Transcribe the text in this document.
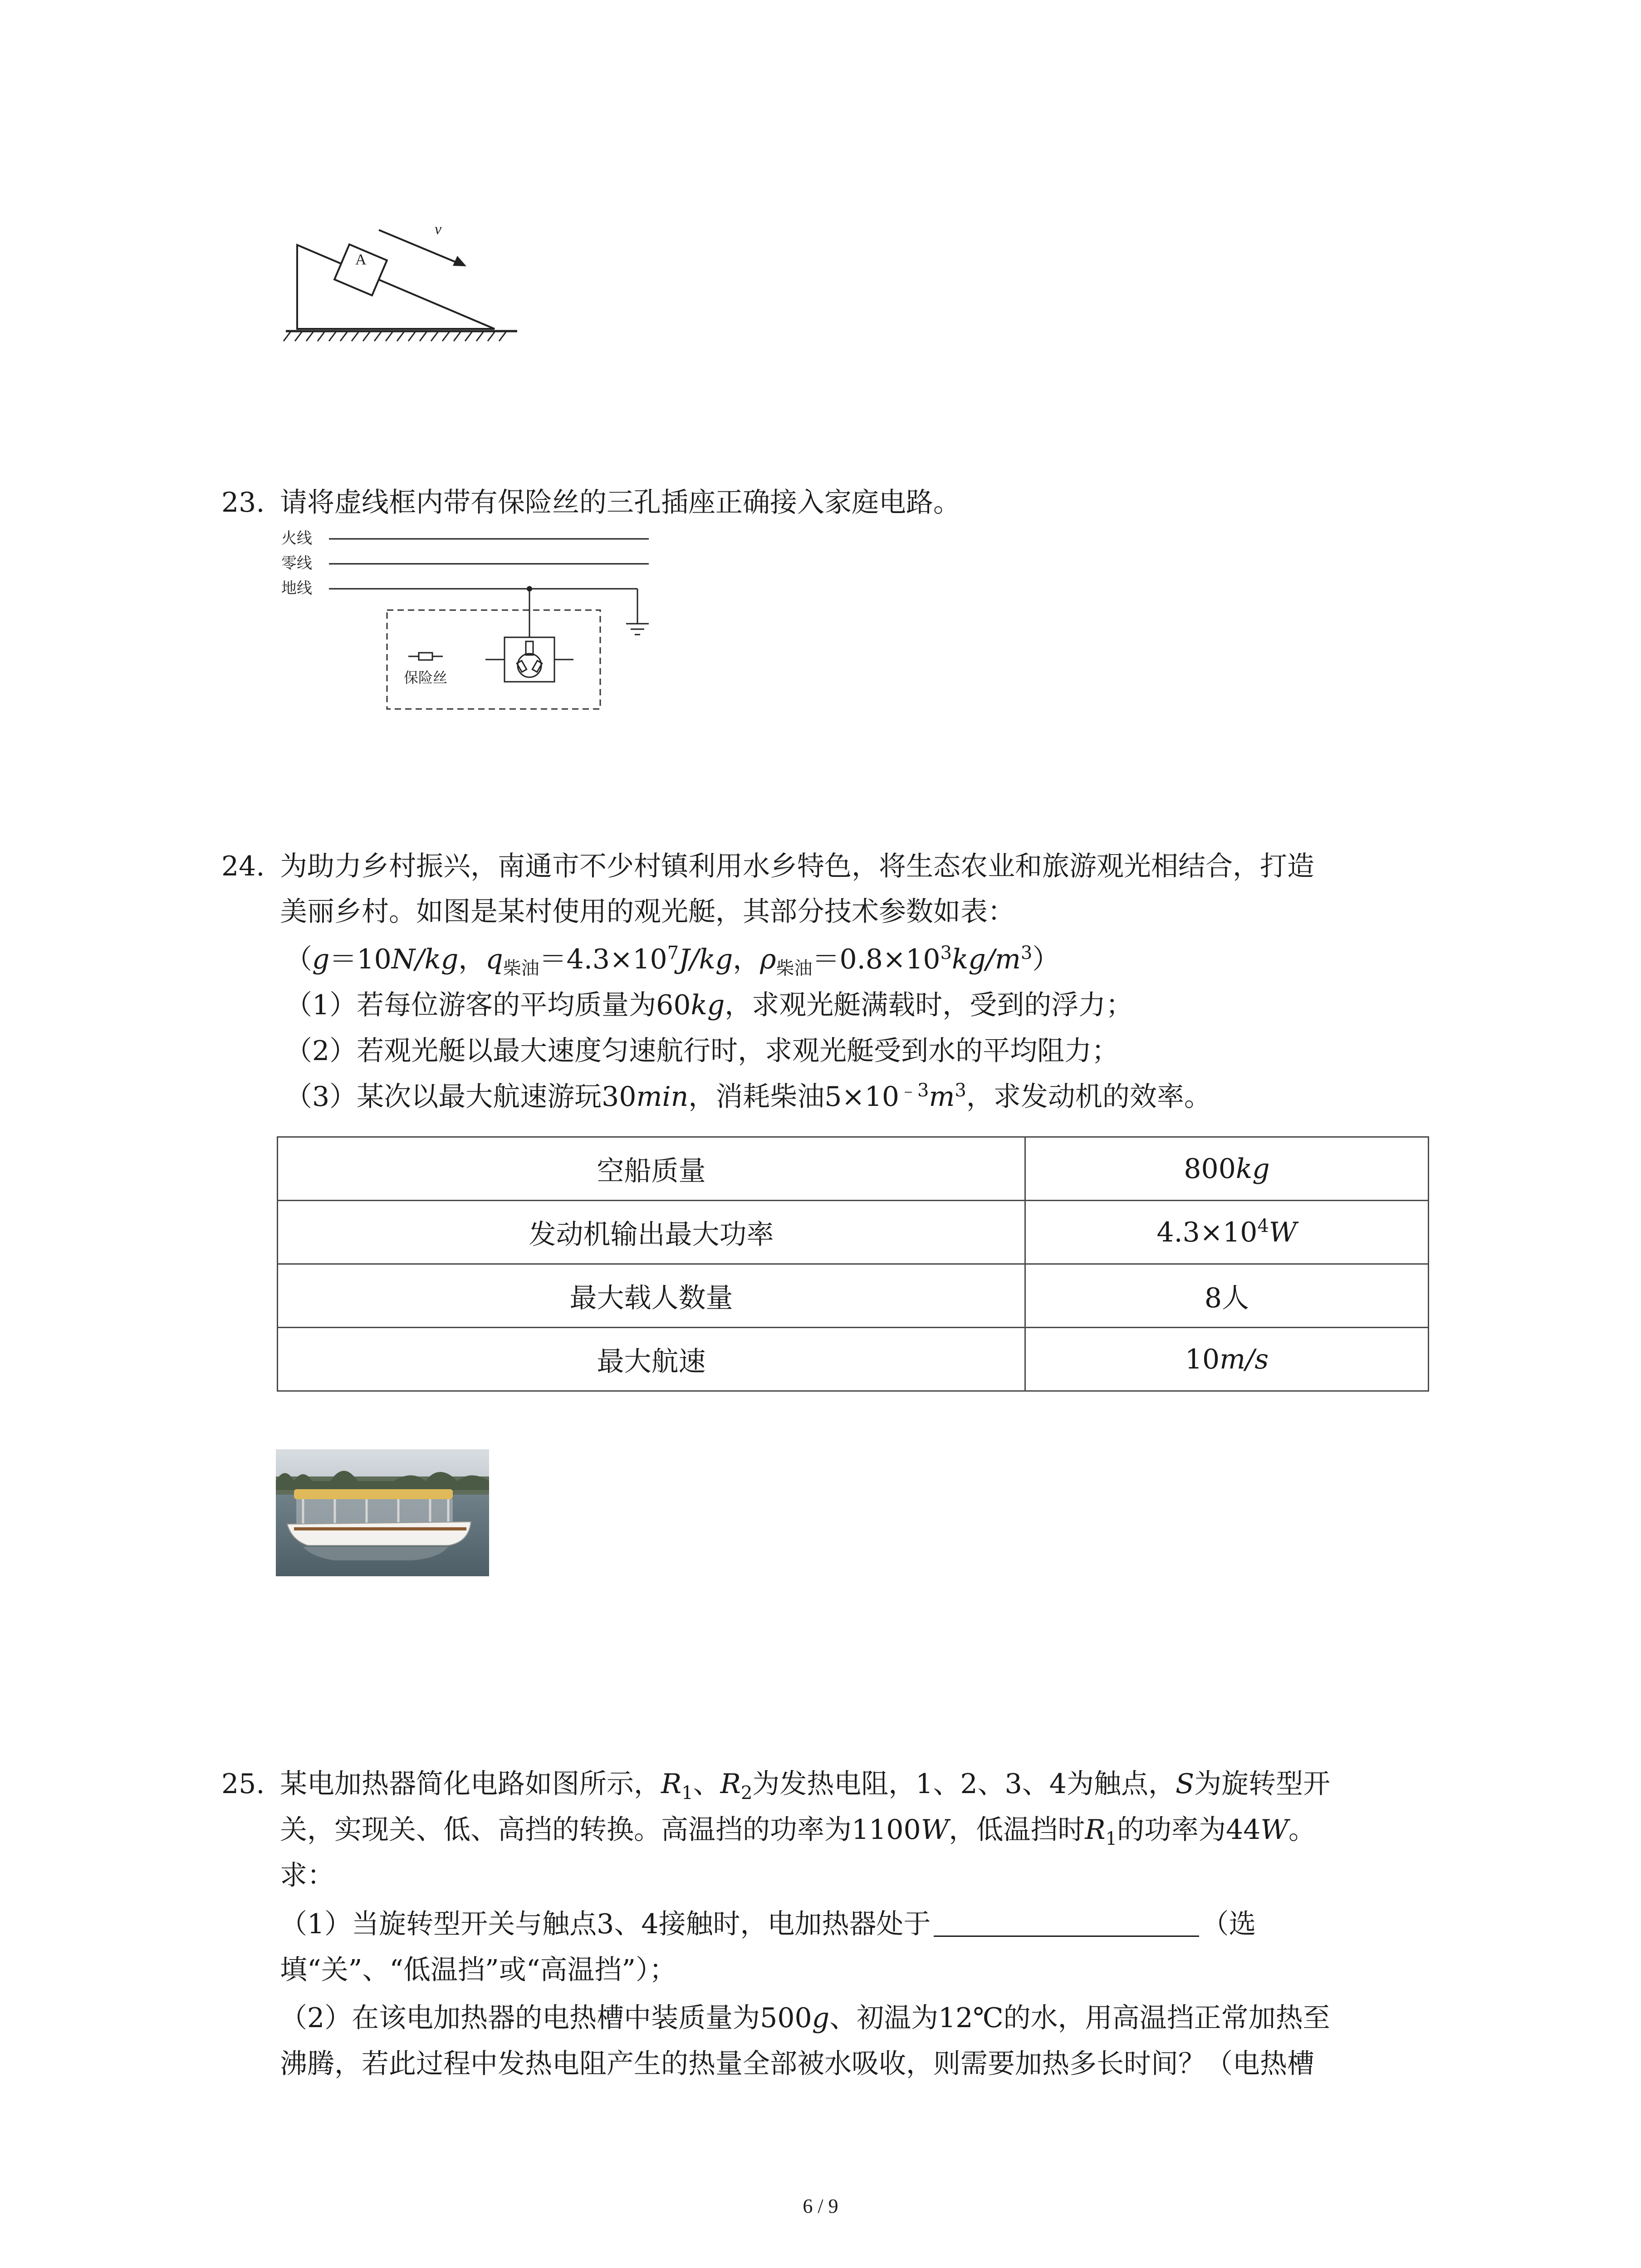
A
v
23. 请将虚线框内带有保险丝的三孔插座正确接入家庭电路。
火线
零线
地线
保险丝
24. 为助力乡村振兴，南通市不少村镇利用水乡特色，将生态农业和旅游观光相结合，打造
美丽乡村。如图是某村使用的观光艇，其部分技术参数如表：
（g＝10N/kg，$q_{柴油}=4.3\times 10^7J/kg$，$\rho_{柴油}=0.8\times 10^3kg/m^3$）
（1）若每位游客的平均质量为60kg，求观光艇满载时，受到的浮力；
（2）若观光艇以最大速度匀速航行时，求观光艇受到水的平均阻力；
（3）某次以最大航速游玩30min，消耗柴油$5\times 10^{﹣3}m^3$，求发动机的效率。
空船质量	800kg
发动机输出最大功率	$4.3\times 10^4W$
最大载人数量	8人
最大航速	10m/s
25. 某电加热器简化电路如图所示，$R_1$、$R_2$为发热电阻，1、2、3、4为触点，S为旋转型开
关，实现关、低、高挡的转换。高温挡的功率为1100W，低温挡时$R_1$的功率为44W。
求：
（1）当旋转型开关与触点3、4接触时，电加热器处于	（选
填“关”、“低温挡”或“高温挡”）；
（2）在该电加热器的电热槽中装质量为500g、初温为12℃的水，用高温挡正常加热至
沸腾，若此过程中发热电阻产生的热量全部被水吸收，则需要加热多长时间？（电热槽
6 / 9
